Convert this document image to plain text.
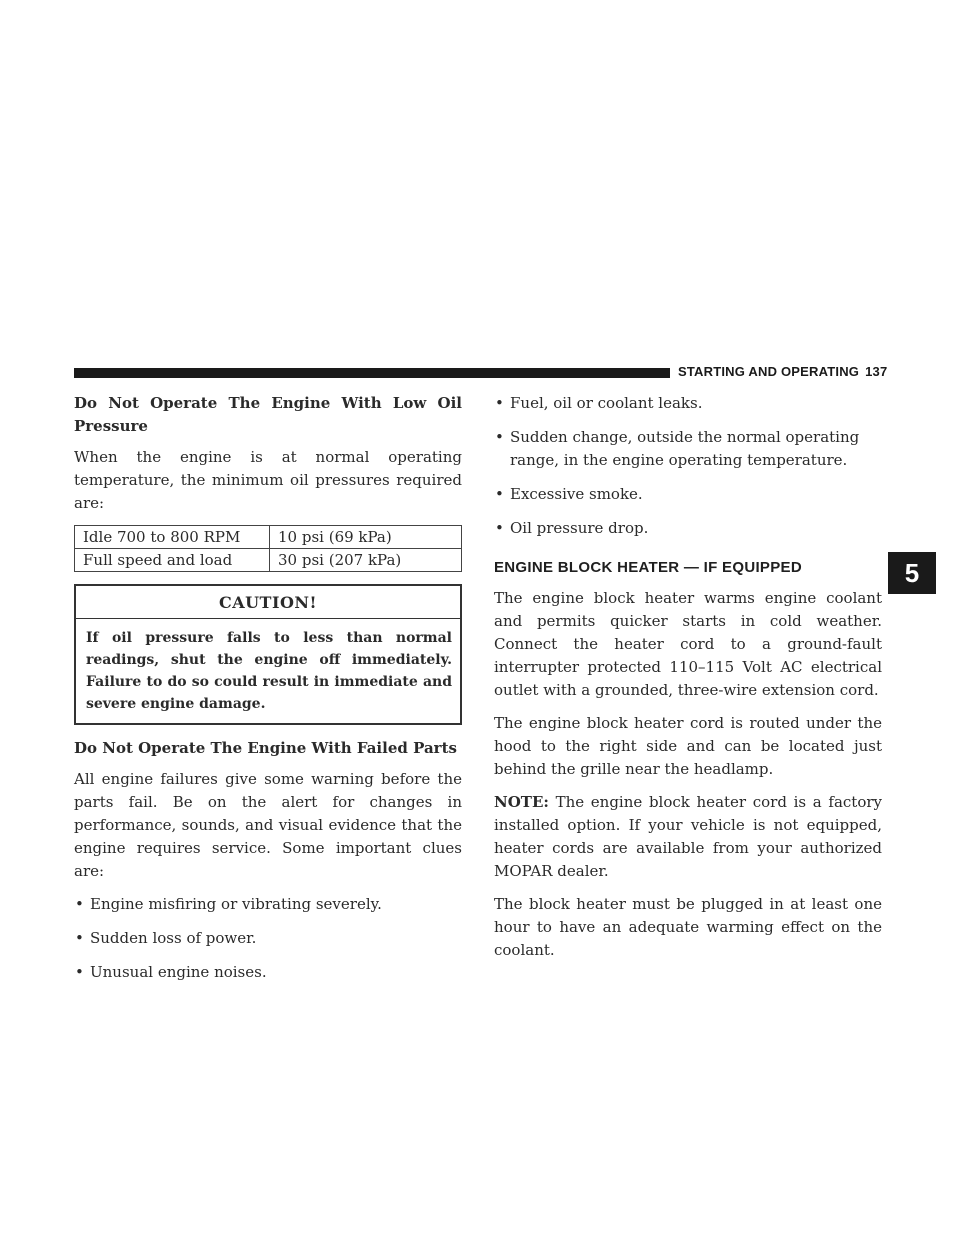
STARTING AND OPERATING 137

Do Not Operate The Engine With Low Oil Pressure

When the engine is at normal operating temperature, the minimum oil pressures required are:

Idle 700 to 800 RPM	10 psi (69 kPa)
Full speed and load	30 psi (207 kPa)
CAUTION!
If oil pressure falls to less than normal readings, shut the engine off immediately. Failure to do so could result in immediate and severe engine damage.

Do Not Operate The Engine With Failed Parts

All engine failures give some warning before the parts fail. Be on the alert for changes in performance, sounds, and visual evidence that the engine requires service. Some important clues are:

• Engine misfiring or vibrating severely.
• Sudden loss of power.
• Unusual engine noises.
• Fuel, oil or coolant leaks.
• Sudden change, outside the normal operating range, in the engine operating temperature.
• Excessive smoke.
• Oil pressure drop.
ENGINE BLOCK HEATER — IF EQUIPPED

The engine block heater warms engine coolant and permits quicker starts in cold weather. Connect the heater cord to a ground-fault interrupter protected 110–115 Volt AC electrical outlet with a grounded, three-wire extension cord.

The engine block heater cord is routed under the hood to the right side and can be located just behind the grille near the headlamp.

NOTE: The engine block heater cord is a factory installed option. If your vehicle is not equipped, heater cords are available from your authorized MOPAR dealer.

The block heater must be plugged in at least one hour to have an adequate warming effect on the coolant.

5
